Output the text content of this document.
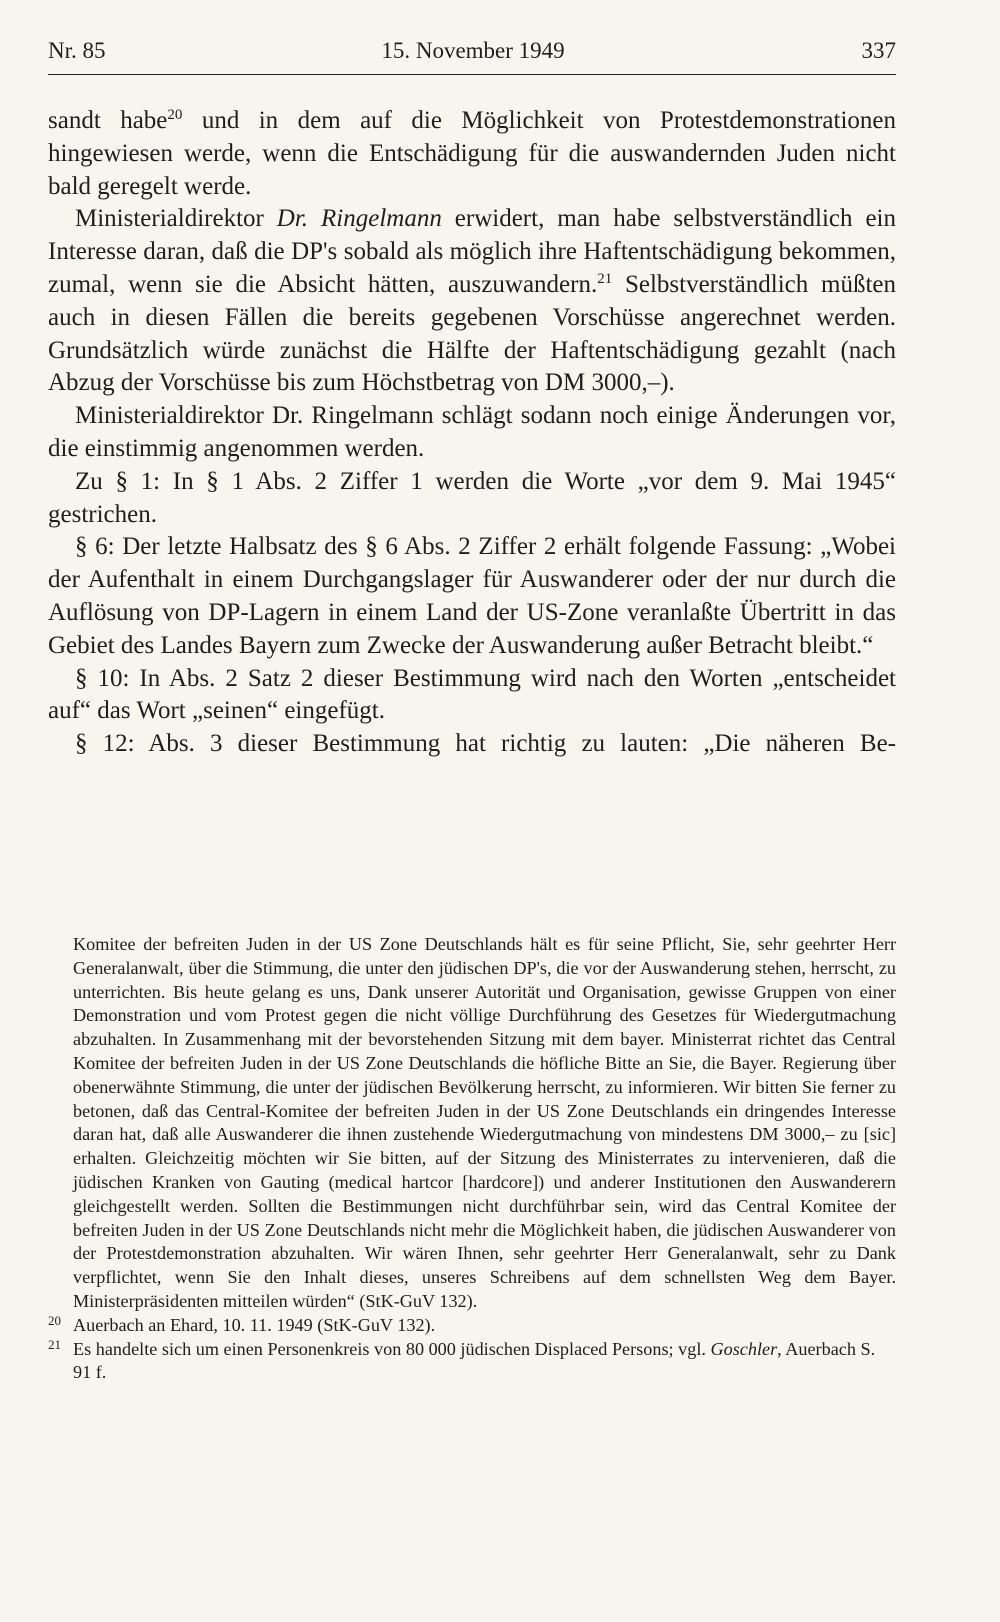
Nr. 85	15. November 1949	337

sandt habe$^{20}$ und in dem auf die Möglichkeit von Protestdemonstrationen hingewiesen werde, wenn die Entschädigung für die auswandernden Juden nicht bald geregelt werde.

Ministerialdirektor Dr. Ringelmann erwidert, man habe selbstverständlich ein Interesse daran, daß die DP's sobald als möglich ihre Haftentschädigung bekommen, zumal, wenn sie die Absicht hätten, auszuwandern.$^{21}$ Selbstverständlich müßten auch in diesen Fällen die bereits gegebenen Vorschüsse angerechnet werden. Grundsätzlich würde zunächst die Hälfte der Haftentschädigung gezahlt (nach Abzug der Vorschüsse bis zum Höchstbetrag von DM 3000,–).

Ministerialdirektor Dr. Ringelmann schlägt sodann noch einige Änderungen vor, die einstimmig angenommen werden.

Zu § 1: In § 1 Abs. 2 Ziffer 1 werden die Worte „vor dem 9. Mai 1945“ gestrichen.

§ 6: Der letzte Halbsatz des § 6 Abs. 2 Ziffer 2 erhält folgende Fassung: „Wobei der Aufenthalt in einem Durchgangslager für Auswanderer oder der nur durch die Auflösung von DP-Lagern in einem Land der US-Zone veranlaßte Übertritt in das Gebiet des Landes Bayern zum Zwecke der Auswanderung außer Betracht bleibt.“

§ 10: In Abs. 2 Satz 2 dieser Bestimmung wird nach den Worten „entscheidet auf“ das Wort „seinen“ eingefügt.

§ 12: Abs. 3 dieser Bestimmung hat richtig zu lauten: „Die näheren Be-

Komitee der befreiten Juden in der US Zone Deutschlands hält es für seine Pflicht, Sie, sehr geehrter Herr Generalanwalt, über die Stimmung, die unter den jüdischen DP's, die vor der Auswanderung stehen, herrscht, zu unterrichten. Bis heute gelang es uns, Dank unserer Autorität und Organisation, gewisse Gruppen von einer Demonstration und vom Protest gegen die nicht völlige Durchführung des Gesetzes für Wiedergutmachung abzuhalten. In Zusammenhang mit der bevorstehenden Sitzung mit dem bayer. Ministerrat richtet das Central Komitee der befreiten Juden in der US Zone Deutschlands die höfliche Bitte an Sie, die Bayer. Regierung über obenerwähnte Stimmung, die unter der jüdischen Bevölkerung herrscht, zu informieren. Wir bitten Sie ferner zu betonen, daß das Central-Komitee der befreiten Juden in der US Zone Deutschlands ein dringendes Interesse daran hat, daß alle Auswanderer die ihnen zustehende Wiedergutmachung von mindestens DM 3000,– zu [sic] erhalten. Gleichzeitig möchten wir Sie bitten, auf der Sitzung des Ministerrates zu intervenieren, daß die jüdischen Kranken von Gauting (medical hartcor [hardcore]) und anderer Institutionen den Auswanderern gleichgestellt werden. Sollten die Bestimmungen nicht durchführbar sein, wird das Central Komitee der befreiten Juden in der US Zone Deutschlands nicht mehr die Möglichkeit haben, die jüdischen Auswanderer von der Protestdemonstration abzuhalten. Wir wären Ihnen, sehr geehrter Herr Generalanwalt, sehr zu Dank verpflichtet, wenn Sie den Inhalt dieses, unseres Schreibens auf dem schnellsten Weg dem Bayer. Ministerpräsidenten mitteilen würden“ (StK-GuV 132).
20 Auerbach an Ehard, 10. 11. 1949 (StK-GuV 132).
21 Es handelte sich um einen Personenkreis von 80 000 jüdischen Displaced Persons; vgl. Goschler, Auerbach S. 91 f.
